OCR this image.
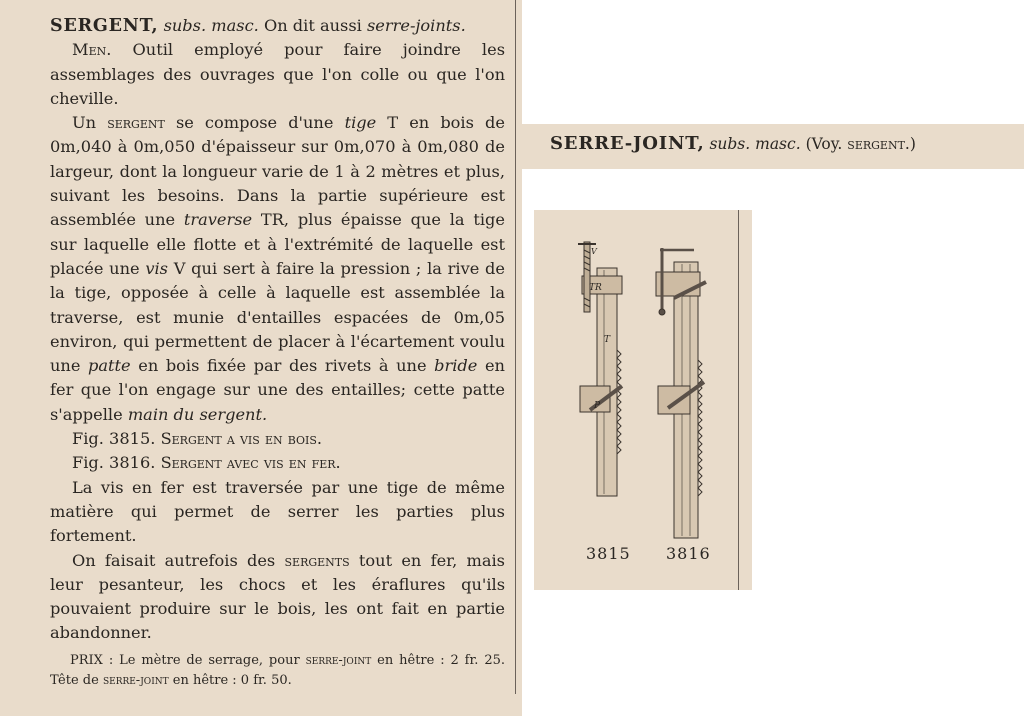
SERGENT, subs. masc. On dit aussi serre-joints.

Men. Outil employé pour faire joindre les assemblages des ouvrages que l'on colle ou que l'on cheville.

Un sergent se compose d'une tige T en bois de 0m,040 à 0m,050 d'épaisseur sur 0m,070 à 0m,080 de largeur, dont la longueur varie de 1 à 2 mètres et plus, suivant les besoins. Dans la partie supérieure est assemblée une traverse TR, plus épaisse que la tige sur laquelle elle flotte et à l'extrémité de laquelle est placée une vis V qui sert à faire la pression ; la rive de la tige, opposée à celle à laquelle est assemblée la traverse, est munie d'entailles espacées de 0m,05 environ, qui permettent de placer à l'écartement voulu une patte en bois fixée par des rivets à une bride en fer que l'on engage sur une des entailles; cette patte s'appelle main du sergent.

Fig. 3815. Sergent a vis en bois.

Fig. 3816. Sergent avec vis en fer.

La vis en fer est traversée par une tige de même matière qui permet de serrer les parties plus fortement.

On faisait autrefois des sergents tout en fer, mais leur pesanteur, les chocs et les éraflures qu'ils pouvaient produire sur le bois, les ont fait en partie abandonner.

PRIX : Le mètre de serrage, pour serre-joint en hêtre : 2 fr. 25. Tête de serre-joint en hêtre : 0 fr. 50.
SERRE-JOINT, subs. masc. (Voy. sergent.)
TR
T
P
V
3815 3816
